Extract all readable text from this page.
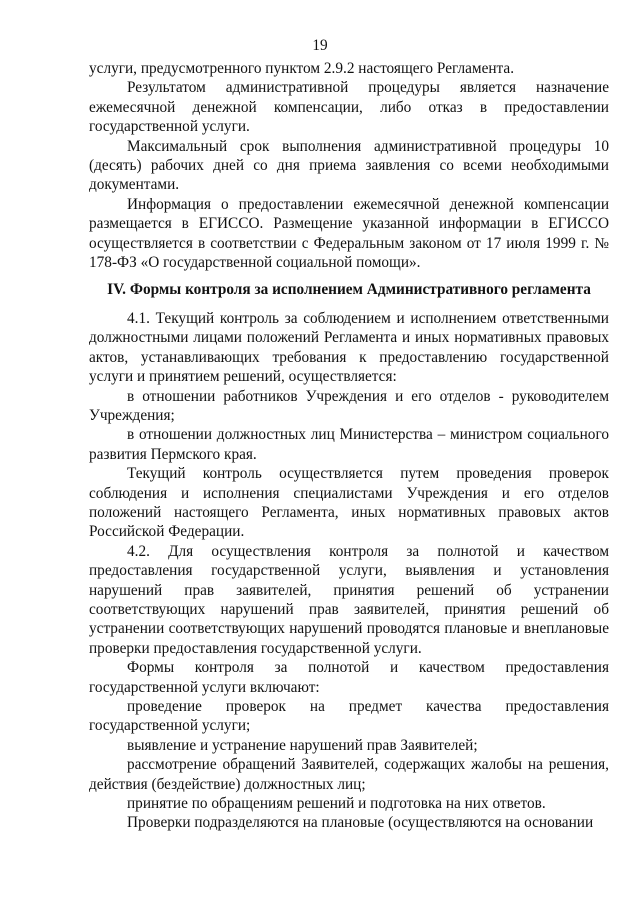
19

услуги, предусмотренного пунктом 2.9.2 настоящего Регламента.

Результатом административной процедуры является назначение ежемесячной денежной компенсации, либо отказ в предоставлении государственной услуги.

Максимальный срок выполнения административной процедуры 10 (десять) рабочих дней со дня приема заявления со всеми необходимыми документами.

Информация о предоставлении ежемесячной денежной компенсации размещается в ЕГИССО. Размещение указанной информации в ЕГИССО осуществляется в соответствии с Федеральным законом от 17 июля 1999 г. № 178-ФЗ «О государственной социальной помощи».

IV. Формы контроля за исполнением Административного регламента

4.1. Текущий контроль за соблюдением и исполнением ответственными должностными лицами положений Регламента и иных нормативных правовых актов, устанавливающих требования к предоставлению государственной услуги и принятием решений, осуществляется:

в отношении работников Учреждения и его отделов - руководителем Учреждения;

в отношении должностных лиц Министерства – министром социального развития Пермского края.

Текущий контроль осуществляется путем проведения проверок соблюдения и исполнения специалистами Учреждения и его отделов положений настоящего Регламента, иных нормативных правовых актов Российской Федерации.

4.2. Для осуществления контроля за полнотой и качеством предоставления государственной услуги, выявления и установления нарушений прав заявителей, принятия решений об устранении соответствующих нарушений прав заявителей, принятия решений об устранении соответствующих нарушений проводятся плановые и внеплановые проверки предоставления государственной услуги.

Формы контроля за полнотой и качеством предоставления государственной услуги включают:

проведение проверок на предмет качества предоставления государственной услуги;

выявление и устранение нарушений прав Заявителей;

рассмотрение обращений Заявителей, содержащих жалобы на решения, действия (бездействие) должностных лиц;

принятие по обращениям решений и подготовка на них ответов.

Проверки подразделяются на плановые (осуществляются на основании
